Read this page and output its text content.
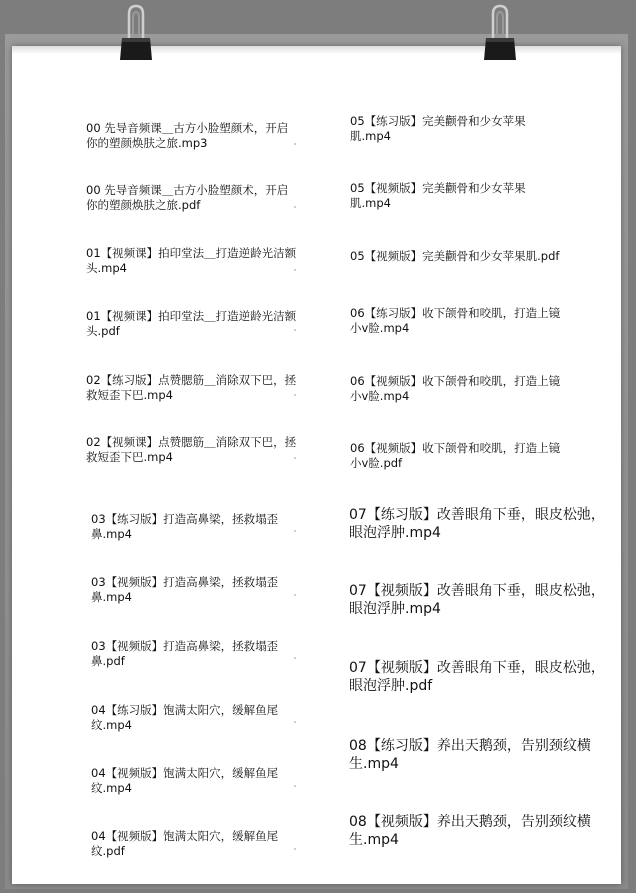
00 先导音频课＿古方小脸塑颜术，开启
你的塑颜焕肤之旅.mp3

00 先导音频课＿古方小脸塑颜术，开启
你的塑颜焕肤之旅.pdf

01【视频课】拍印堂法＿打造逆龄光洁额
头.mp4

01【视频课】拍印堂法＿打造逆龄光洁额
头.pdf

02【练习版】点赞腮筋＿消除双下巴，拯
救短歪下巴.mp4

02【视频课】点赞腮筋＿消除双下巴，拯
救短歪下巴.mp4

03【练习版】打造高鼻梁，拯救塌歪
鼻.mp4

03【视频版】打造高鼻梁，拯救塌歪
鼻.mp4

03【视频版】打造高鼻梁，拯救塌歪
鼻.pdf

04【练习版】饱满太阳穴，缓解鱼尾
纹.mp4

04【视频版】饱满太阳穴，缓解鱼尾
纹.mp4

04【视频版】饱满太阳穴，缓解鱼尾
纹.pdf

05【练习版】完美颧骨和少女苹果
肌.mp4

05【视频版】完美颧骨和少女苹果
肌.mp4

05【视频版】完美颧骨和少女苹果肌.pdf

06【练习版】收下颌骨和咬肌，打造上镜
小v脸.mp4

06【视频版】收下颌骨和咬肌，打造上镜
小v脸.mp4

06【视频版】收下颌骨和咬肌，打造上镜
小v脸.pdf

07【练习版】改善眼角下垂，眼皮松弛，
眼泡浮肿.mp4

07【视频版】改善眼角下垂，眼皮松弛，
眼泡浮肿.mp4

07【视频版】改善眼角下垂，眼皮松弛，
眼泡浮肿.pdf

08【练习版】养出天鹅颈，告别颈纹横
生.mp4

08【视频版】养出天鹅颈，告别颈纹横
生.mp4
